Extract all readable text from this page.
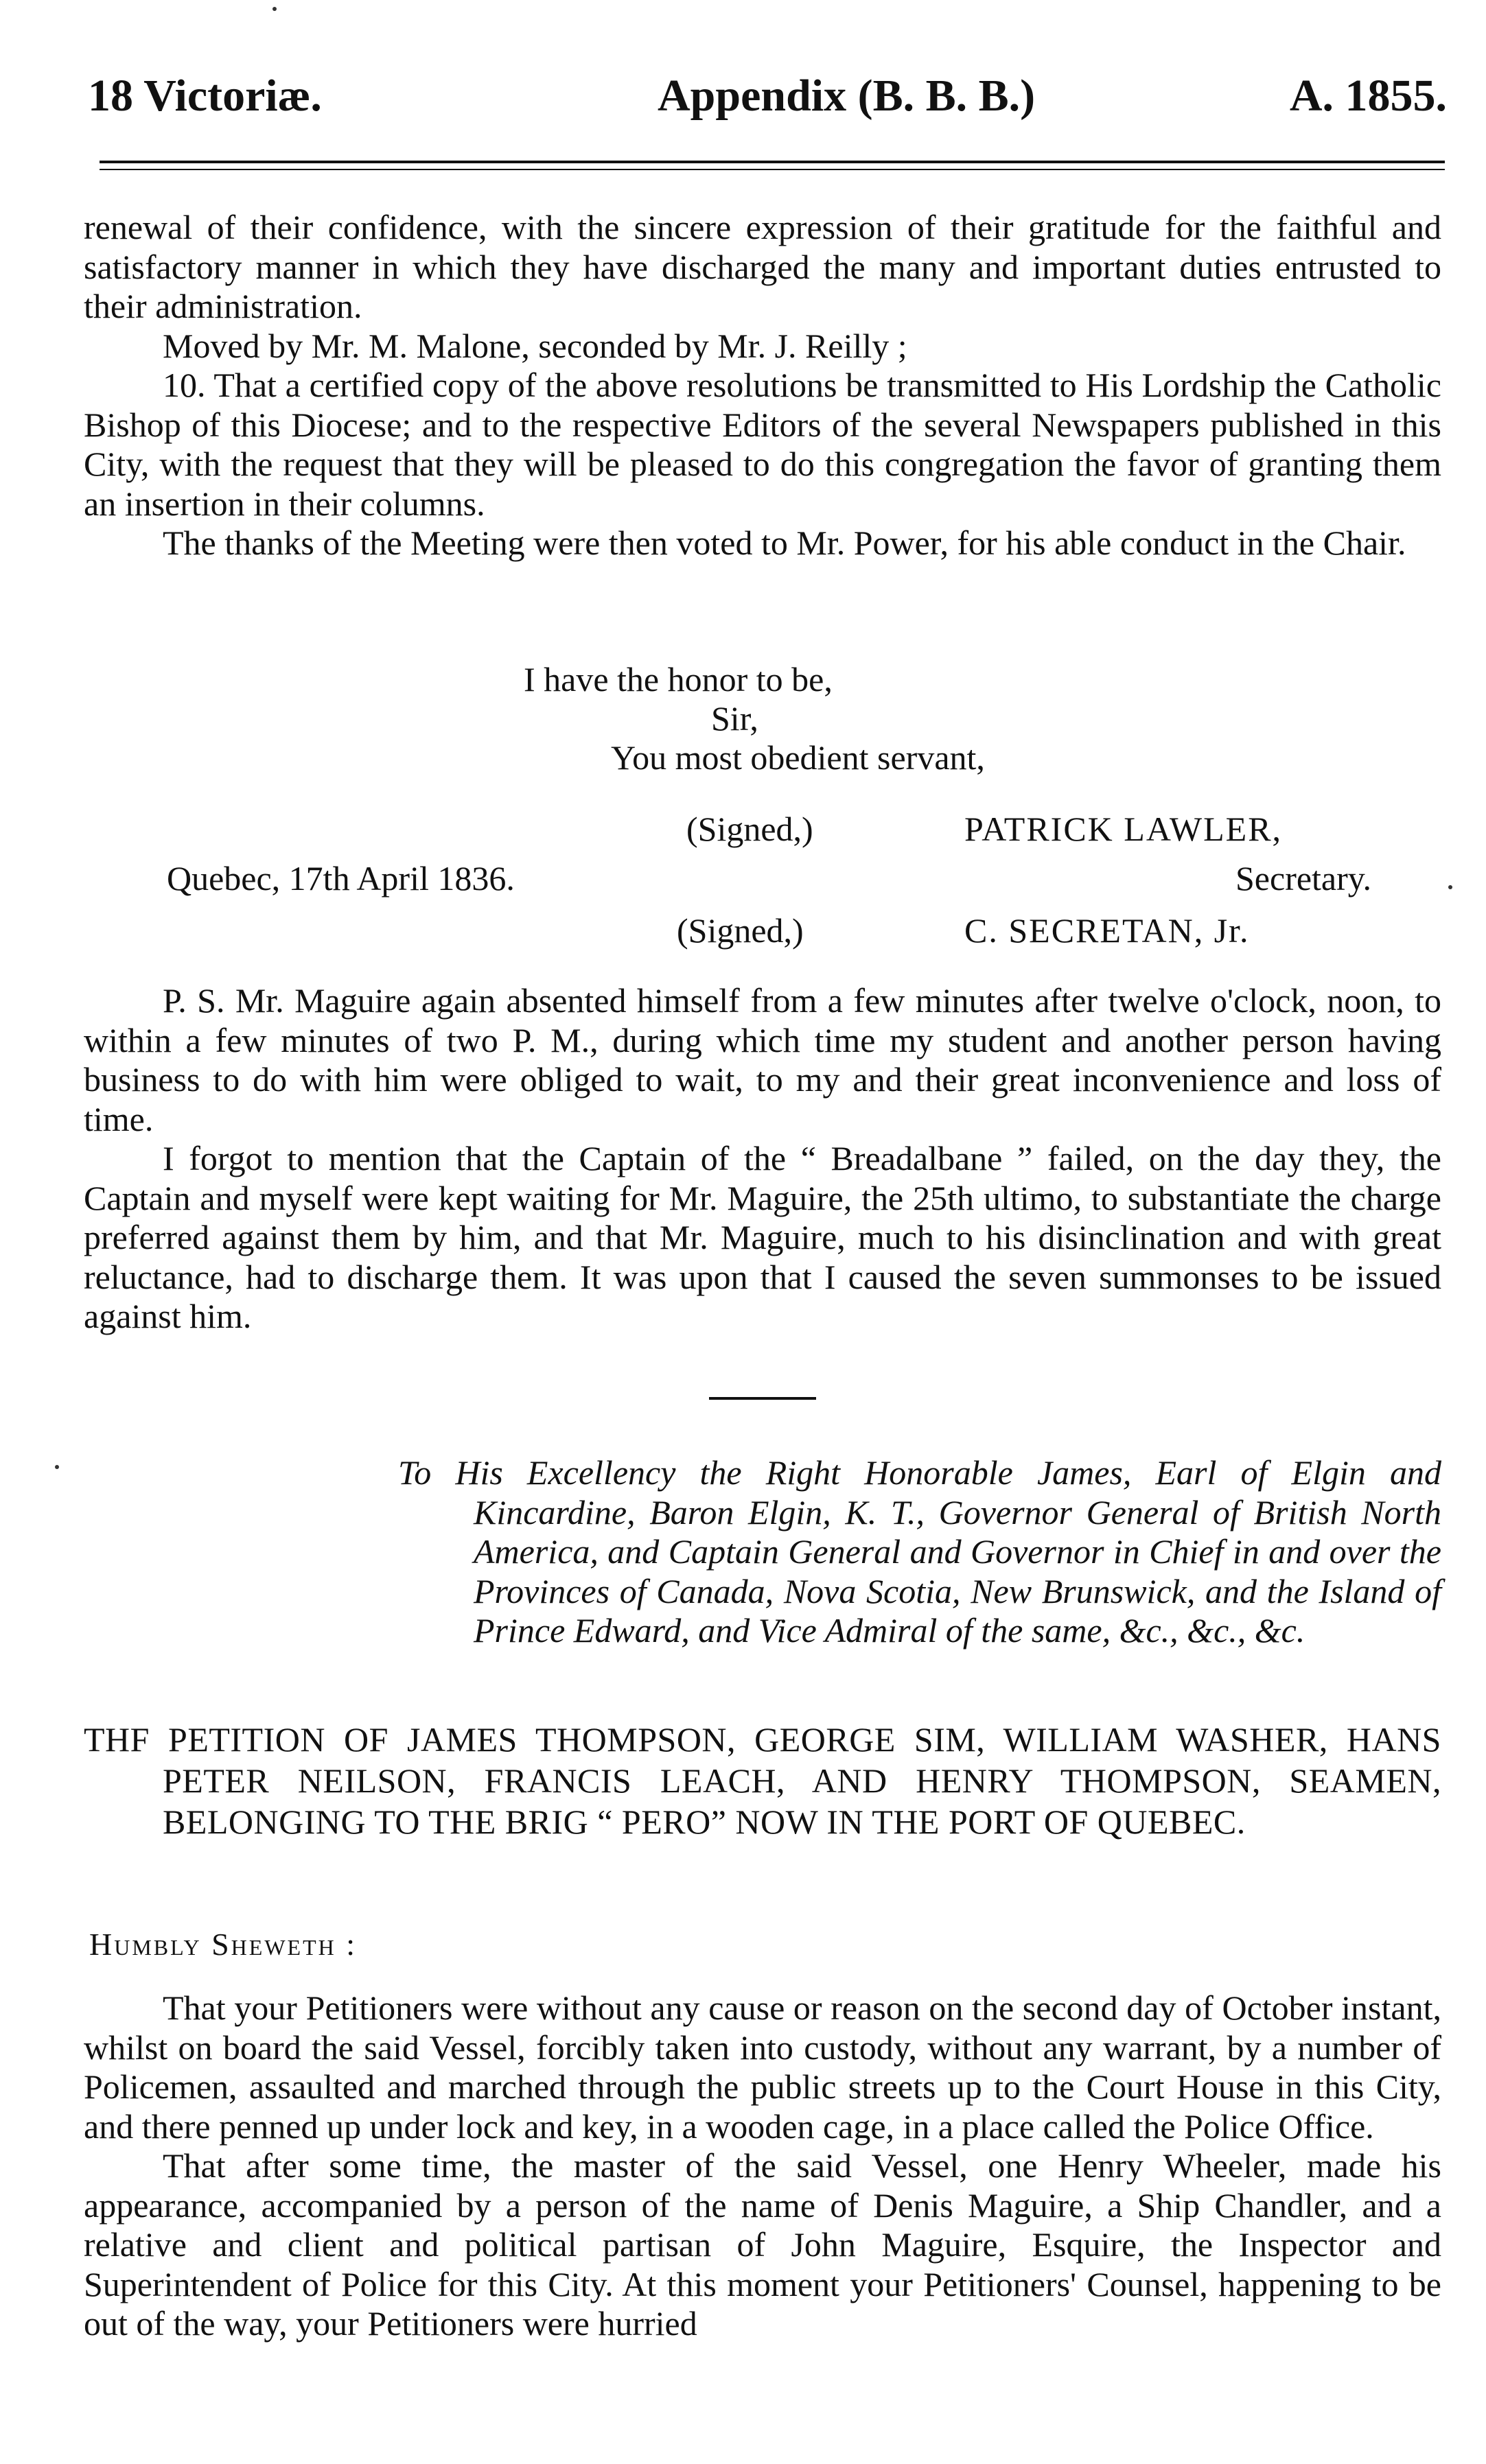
18 Victoriæ.	Appendix (B. B. B.)	A. 1855.

renewal of their confidence, with the sincere expression of their gratitude for the faithful and satisfactory manner in which they have discharged the many and important duties entrusted to their administration.

Moved by Mr. M. Malone, seconded by Mr. J. Reilly ;

10. That a certified copy of the above resolutions be transmitted to His Lordship the Catholic Bishop of this Diocese; and to the respective Editors of the several Newspapers published in this City, with the request that they will be pleased to do this congregation the favor of granting them an insertion in their columns.

The thanks of the Meeting were then voted to Mr. Power, for his able conduct in the Chair.

I have the honor to be,
Sir,
You most obedient servant,
(Signed,)	PATRICK LAWLER,
Quebec, 17th April 1836.	Secretary.
(Signed,)	C. SECRETAN, Jr.

P. S. Mr. Maguire again absented himself from a few minutes after twelve o'clock, noon, to within a few minutes of two P. M., during which time my student and another person having business to do with him were obliged to wait, to my and their great inconvenience and loss of time.

I forgot to mention that the Captain of the “ Breadalbane ” failed, on the day they, the Captain and myself were kept waiting for Mr. Maguire, the 25th ultimo, to substantiate the charge preferred against them by him, and that Mr. Maguire, much to his disinclination and with great reluctance, had to discharge them. It was upon that I caused the seven summonses to be issued against him.

To His Excellency the Right Honorable James, Earl of Elgin and Kincardine, Baron Elgin, K. T., Governor General of British North America, and Captain General and Governor in Chief in and over the Provinces of Canada, Nova Scotia, New Brunswick, and the Island of Prince Edward, and Vice Admiral of the same, &c., &c., &c.
THF PETITION OF JAMES THOMPSON, GEORGE SIM, WILLIAM WASHER, HANS PETER NEILSON, FRANCIS LEACH, AND HENRY THOMPSON, SEAMEN, BELONGING TO THE BRIG “ PERO” NOW IN THE PORT OF QUEBEC.
Humbly Sheweth :

That your Petitioners were without any cause or reason on the second day of October instant, whilst on board the said Vessel, forcibly taken into custody, without any warrant, by a number of Policemen, assaulted and marched through the public streets up to the Court House in this City, and there penned up under lock and key, in a wooden cage, in a place called the Police Office.

That after some time, the master of the said Vessel, one Henry Wheeler, made his appearance, accompanied by a person of the name of Denis Maguire, a Ship Chandler, and a relative and client and political partisan of John Maguire, Esquire, the Inspector and Superintendent of Police for this City. At this moment your Petitioners' Counsel, happening to be out of the way, your Petitioners were hurried
